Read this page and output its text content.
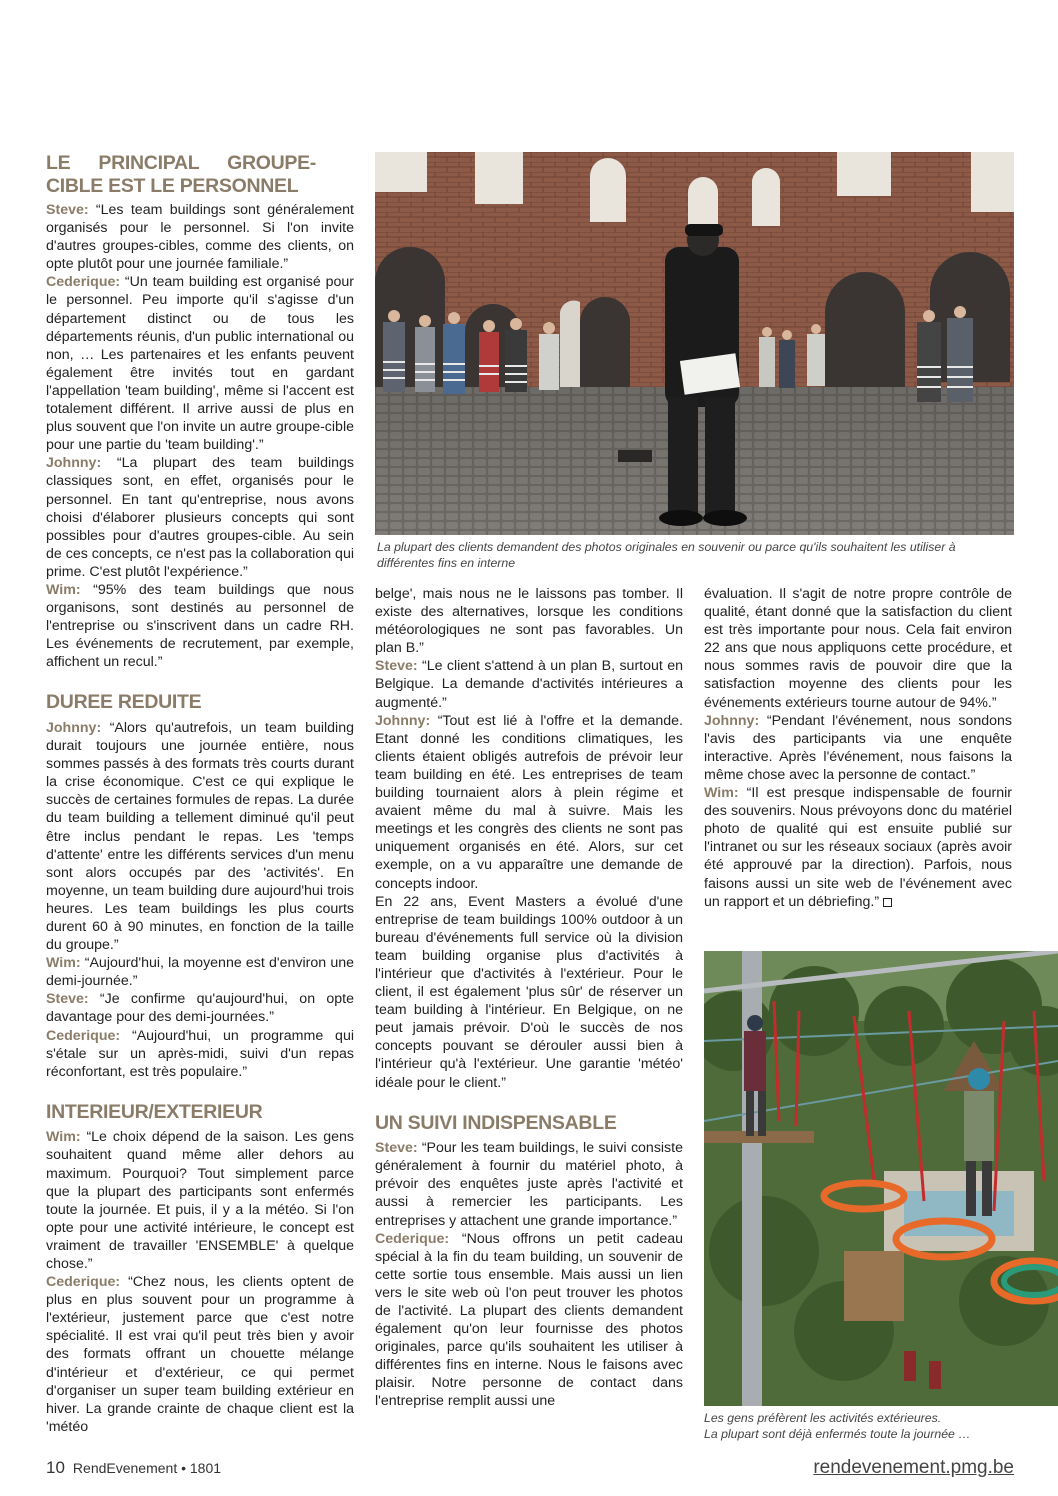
LE PRINCIPAL GROUPE-CIBLE EST LE PERSONNEL

Steve: “Les team buildings sont généralement organisés pour le personnel. Si l'on invite d'autres groupes-cibles, comme des clients, on opte plutôt pour une journée familiale.”

Cederique: “Un team building est organisé pour le personnel. Peu importe qu'il s'agisse d'un département distinct ou de tous les départements réunis, d'un public international ou non, … Les partenaires et les enfants peuvent également être invités tout en gardant l'appellation 'team building', même si l'accent est totalement différent. Il arrive aussi de plus en plus souvent que l'on invite un autre groupe-cible pour une partie du 'team building'.”

Johnny: “La plupart des team buildings classiques sont, en effet, organisés pour le personnel. En tant qu'entreprise, nous avons choisi d'élaborer plusieurs concepts qui sont possibles pour d'autres groupes-cible. Au sein de ces concepts, ce n'est pas la collaboration qui prime. C'est plutôt l'expérience.”

Wim: “95% des team buildings que nous organisons, sont destinés au personnel de l'entreprise ou s'inscrivent dans un cadre RH. Les événements de recrutement, par exemple, affichent un recul.”

DUREE REDUITE

Johnny: “Alors qu'autrefois, un team building durait toujours une journée entière, nous sommes passés à des formats très courts durant la crise économique. C'est ce qui explique le succès de certaines formules de repas. La durée du team building a tellement diminué qu'il peut être inclus pendant le repas. Les 'temps d'attente' entre les différents services d'un menu sont alors occupés par des 'activités'. En moyenne, un team building dure aujourd'hui trois heures. Les team buildings les plus courts durent 60 à 90 minutes, en fonction de la taille du groupe.”

Wim: “Aujourd'hui, la moyenne est d'environ une demi-journée.”

Steve: “Je confirme qu'aujourd'hui, on opte davantage pour des demi-journées.”

Cederique: “Aujourd'hui, un programme qui s'étale sur un après-midi, suivi d'un repas réconfortant, est très populaire.”

INTERIEUR/EXTERIEUR

Wim: “Le choix dépend de la saison. Les gens souhaitent quand même aller dehors au maximum. Pourquoi? Tout simplement parce que la plupart des participants sont enfermés toute la journée. Et puis, il y a la météo. Si l'on opte pour une activité intérieure, le concept est vraiment de travailler 'ENSEMBLE' à quelque chose.”

Cederique: “Chez nous, les clients optent de plus en plus souvent pour un programme à l'extérieur, justement parce que c'est notre spécialité. Il est vrai qu'il peut très bien y avoir des formats offrant un chouette mélange d'intérieur et d'extérieur, ce qui permet d'organiser un super team building extérieur en hiver. La grande crainte de chaque client est la 'météo

La plupart des clients demandent des photos originales en souvenir ou parce qu'ils souhaitent les utiliser à différentes fins en interne

belge', mais nous ne le laissons pas tomber. Il existe des alternatives, lorsque les conditions météorologiques ne sont pas favorables. Un plan B.”

Steve: “Le client s'attend à un plan B, surtout en Belgique. La demande d'activités intérieures a augmenté.”

Johnny: “Tout est lié à l'offre et la demande. Etant donné les conditions climatiques, les clients étaient obligés autrefois de prévoir leur team building en été. Les entreprises de team building tournaient alors à plein régime et avaient même du mal à suivre. Mais les meetings et les congrès des clients ne sont pas uniquement organisés en été. Alors, sur cet exemple, on a vu apparaître une demande de concepts indoor.

En 22 ans, Event Masters a évolué d'une entreprise de team buildings 100% outdoor à un bureau d'événements full service où la division team building organise plus d'activités à l'intérieur que d'activités à l'extérieur. Pour le client, il est également 'plus sûr' de réserver un team building à l'intérieur. En Belgique, on ne peut jamais prévoir. D'où le succès de nos concepts pouvant se dérouler aussi bien à l'intérieur qu'à l'extérieur. Une garantie 'météo' idéale pour le client.”

UN SUIVI INDISPENSABLE

Steve: “Pour les team buildings, le suivi consiste généralement à fournir du matériel photo, à prévoir des enquêtes juste après l'activité et aussi à remercier les participants. Les entreprises y attachent une grande importance.”

Cederique: “Nous offrons un petit cadeau spécial à la fin du team building, un souvenir de cette sortie tous ensemble. Mais aussi un lien vers le site web où l'on peut trouver les photos de l'activité. La plupart des clients demandent également qu'on leur fournisse des photos originales, parce qu'ils souhaitent les utiliser à différentes fins en interne. Nous le faisons avec plaisir. Notre personne de contact dans l'entreprise remplit aussi une

évaluation. Il s'agit de notre propre contrôle de qualité, étant donné que la satisfaction du client est très importante pour nous. Cela fait environ 22 ans que nous appliquons cette procédure, et nous sommes ravis de pouvoir dire que la satisfaction moyenne des clients pour les événements extérieurs tourne autour de 94%.”

Johnny: “Pendant l'événement, nous sondons l'avis des participants via une enquête interactive. Après l'événement, nous faisons la même chose avec la personne de contact.”

Wim: “Il est presque indispensable de fournir des souvenirs. Nous prévoyons donc du matériel photo de qualité qui est ensuite publié sur l'intranet ou sur les réseaux sociaux (après avoir été approuvé par la direction). Parfois, nous faisons aussi un site web de l'événement avec un rapport et un débriefing.”

Les gens préfèrent les activités extérieures.
La plupart sont déjà enfermés toute la journée …
10 RendEvenement • 1801	rendevenement.pmg.be
